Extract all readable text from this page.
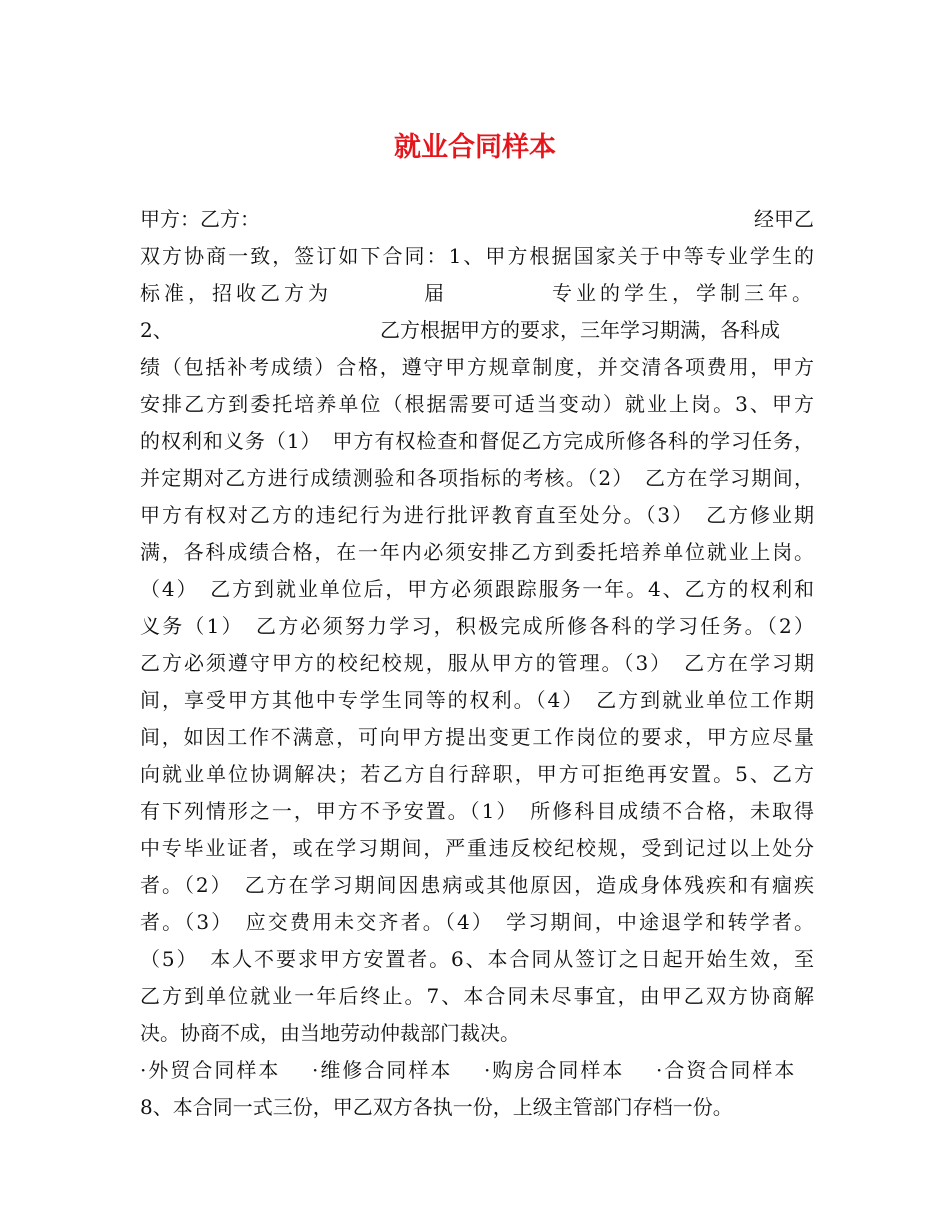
就业合同样本
甲方：乙方：	经甲乙
双方协商一致，签订如下合同：1、甲方根据国家关于中等专业学生的
标准，招收乙方为	届	专业的学生，学制三年。
2、	乙方根据甲方的要求，三年学习期满，各科成
绩（包括补考成绩）合格，遵守甲方规章制度，并交清各项费用，甲方
安排乙方到委托培养单位（根据需要可适当变动）就业上岗。3、甲方
的权利和义务（1）　甲方有权检查和督促乙方完成所修各科的学习任务，
并定期对乙方进行成绩测验和各项指标的考核。（2）　乙方在学习期间，
甲方有权对乙方的违纪行为进行批评教育直至处分。（3）　乙方修业期
满，各科成绩合格，在一年内必须安排乙方到委托培养单位就业上岗。
（4）　乙方到就业单位后，甲方必须跟踪服务一年。4、乙方的权利和
义务（1）　乙方必须努力学习，积极完成所修各科的学习任务。（2）
乙方必须遵守甲方的校纪校规，服从甲方的管理。（3）　乙方在学习期
间，享受甲方其他中专学生同等的权利。（4）　乙方到就业单位工作期
间，如因工作不满意，可向甲方提出变更工作岗位的要求，甲方应尽量
向就业单位协调解决；若乙方自行辞职，甲方可拒绝再安置。5、乙方
有下列情形之一，甲方不予安置。（1）　所修科目成绩不合格，未取得
中专毕业证者，或在学习期间，严重违反校纪校规，受到记过以上处分
者。（2）　乙方在学习期间因患病或其他原因，造成身体残疾和有痼疾
者。（3）　应交费用未交齐者。（4）　学习期间，中途退学和转学者。
（5）　本人不要求甲方安置者。6、本合同从签订之日起开始生效，至
乙方到单位就业一年后终止。7、本合同未尽事宜，由甲乙双方协商解
决。协商不成，由当地劳动仲裁部门裁决。
·外贸合同样本 ·维修合同样本 ·购房合同样本 ·合资合同样本
8、本合同一式三份，甲乙双方各执一份，上级主管部门存档一份。
